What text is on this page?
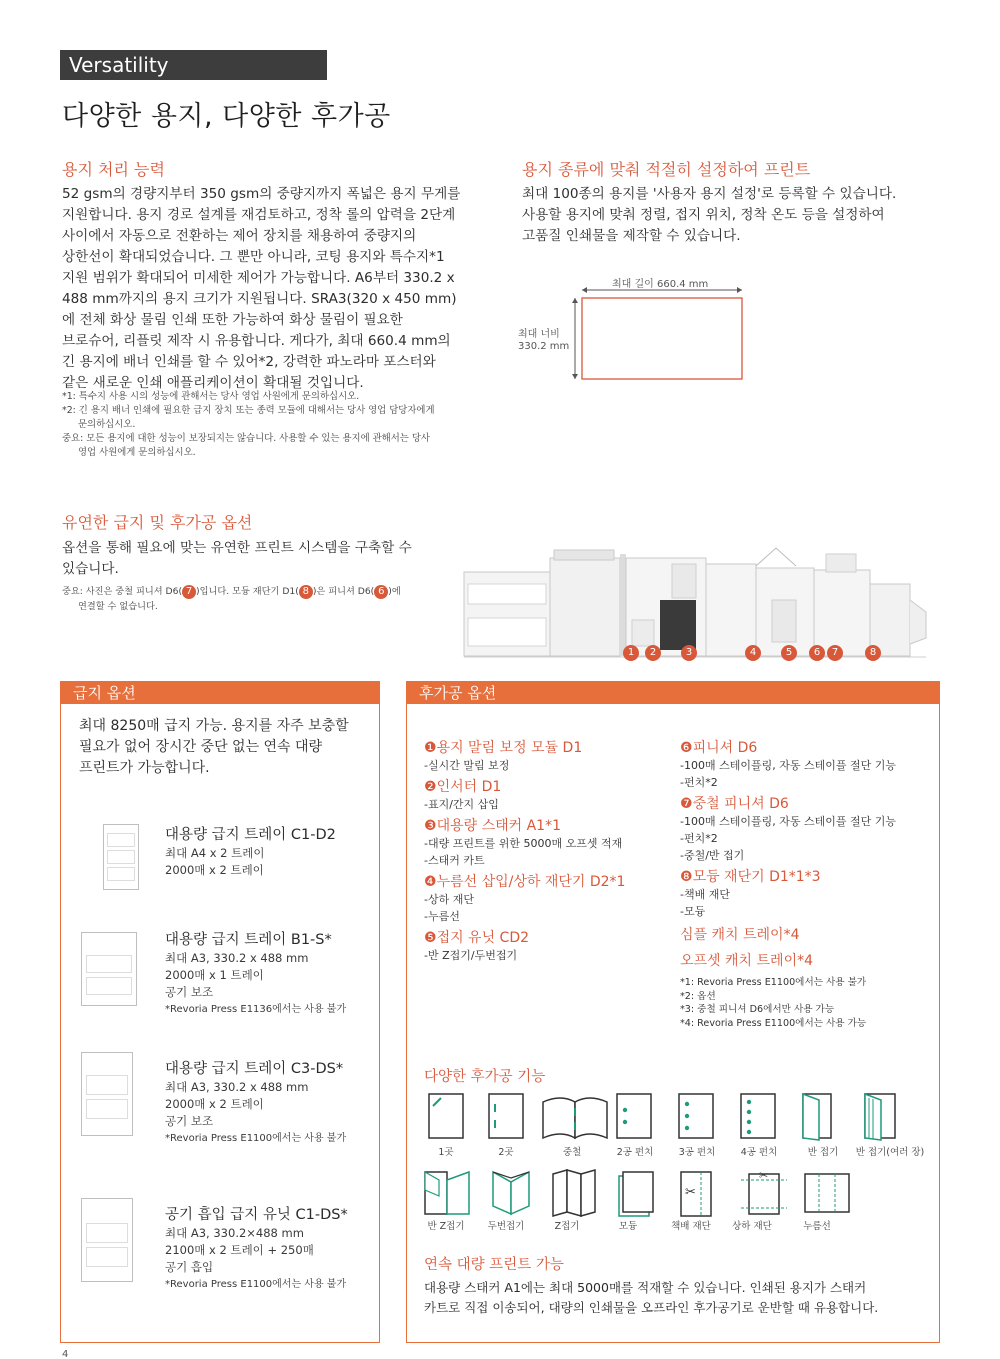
Versatility
다양한 용지, 다양한 후가공
용지 처리 능력
52 gsm의 경량지부터 350 gsm의 중량지까지 폭넓은 용지 무게를
지원합니다. 용지 경로 설계를 재검토하고, 정착 롤의 압력을 2단계
사이에서 자동으로 전환하는 제어 장치를 채용하여 중량지의
상한선이 확대되었습니다. 그 뿐만 아니라, 코팅 용지와 특수지*1
지원 범위가 확대되어 미세한 제어가 가능합니다. A6부터 330.2 x
488 mm까지의 용지 크기가 지원됩니다. SRA3(320 x 450 mm)
에 전체 화상 물림 인쇄 또한 가능하여 화상 물림이 필요한
브로슈어, 리플릿 제작 시 유용합니다. 게다가, 최대 660.4 mm의
긴 용지에 배너 인쇄를 할 수 있어*2, 강력한 파노라마 포스터와
같은 새로운 인쇄 애플리케이션이 확대될 것입니다.
*1: 특수지 사용 시의 성능에 관해서는 당사 영업 사원에게 문의하십시오.
*2: 긴 용지 배너 인쇄에 필요한 급지 장치 또는 종력 모듈에 대해서는 당사 영업 담당자에게
문의하십시오.
중요: 모든 용지에 대한 성능이 보장되지는 않습니다. 사용할 수 있는 용지에 관해서는 당사
영업 사원에게 문의하십시오.
용지 종류에 맞춰 적절히 설정하여 프린트
최대 100종의 용지를 '사용자 용지 설정'로 등록할 수 있습니다.
사용할 용지에 맞춰 정렬, 접지 위치, 정착 온도 등을 설정하여
고품질 인쇄물을 제작할 수 있습니다.
최대 길이 660.4 mm
최대 너비
330.2 mm
유연한 급지 및 후가공 옵션
옵션을 통해 필요에 맞는 유연한 프린트 시스템을 구축할 수
있습니다.
중요: 사진은 중철 피니셔 D6( 7 )입니다. 모듕 재단기 D1( 8 )은 피니셔 D6( 6 )에
연결할 수 없습니다.
1	2	3	4	5	6	7	8
급지 옵션
최대 8250매 급지 가능. 용지를 자주 보충할
필요가 없어 장시간 중단 없는 연속 대량
프린트가 가능합니다.
대용량 급지 트레이 C1-D2
최대 A4 x 2 트레이
2000매 x 2 트레이
대용량 급지 트레이 B1-S*
최대 A3, 330.2 x 488 mm
2000매 x 1 트레이
공기 보조
*Revoria Press E1136에서는 사용 불가
대용량 급지 트레이 C3-DS*
최대 A3, 330.2 x 488 mm
2000매 x 2 트레이
공기 보조
*Revoria Press E1100에서는 사용 불가
공기 흡입 급지 유닛 C1-DS*
최대 A3, 330.2×488 mm
2100매 x 2 트레이 + 250매
공기 흡입
*Revoria Press E1100에서는 사용 불가
후가공 옵션
❶용지 말림 보정 모듈 D1
-실시간 말림 보정
❷인서터 D1
-표지/간지 삽입
❸대용량 스태커 A1*1
-대량 프린트를 위한 5000매 오프셋 적재
-스태커 카트
❹누름선 삽입/상하 재단기 D2*1
-상하 재단
-누름선
❺접지 유닛 CD2
-반 Z접기/두번접기
❻피니셔 D6
-100매 스테이플링, 자동 스테이플 절단 기능
-펀치*2
❼중철 피니셔 D6
-100매 스테이플링, 자동 스테이플 절단 기능
-펀치*2
-중철/반 접기
❽모듕 재단기 D1*1*3
-책배 재단
-모듕
심플 캐치 트레이*4
오프셋 캐치 트레이*4
*1: Revoria Press E1100에서는 사용 불가
*2: 옵션
*3: 중철 피니셔 D6에서만 사용 가능
*4: Revoria Press E1100에서는 사용 가능
다양한 후가공 기능
1곳	2곳	중철	2공 펀치	3공 펀치	4공 펀치	반 접기	반 접기(여러 장)
✂
✂
반 Z접기	두번접기	Z접기	모듕	책배 재단	상하 재단	누름선
연속 대량 프린트 가능
대용량 스태커 A1에는 최대 5000매를 적재할 수 있습니다. 인쇄된 용지가 스태커
카트로 직접 이송되어, 대량의 인쇄물을 오프라인 후가공기로 운반할 때 유용합니다.
4
